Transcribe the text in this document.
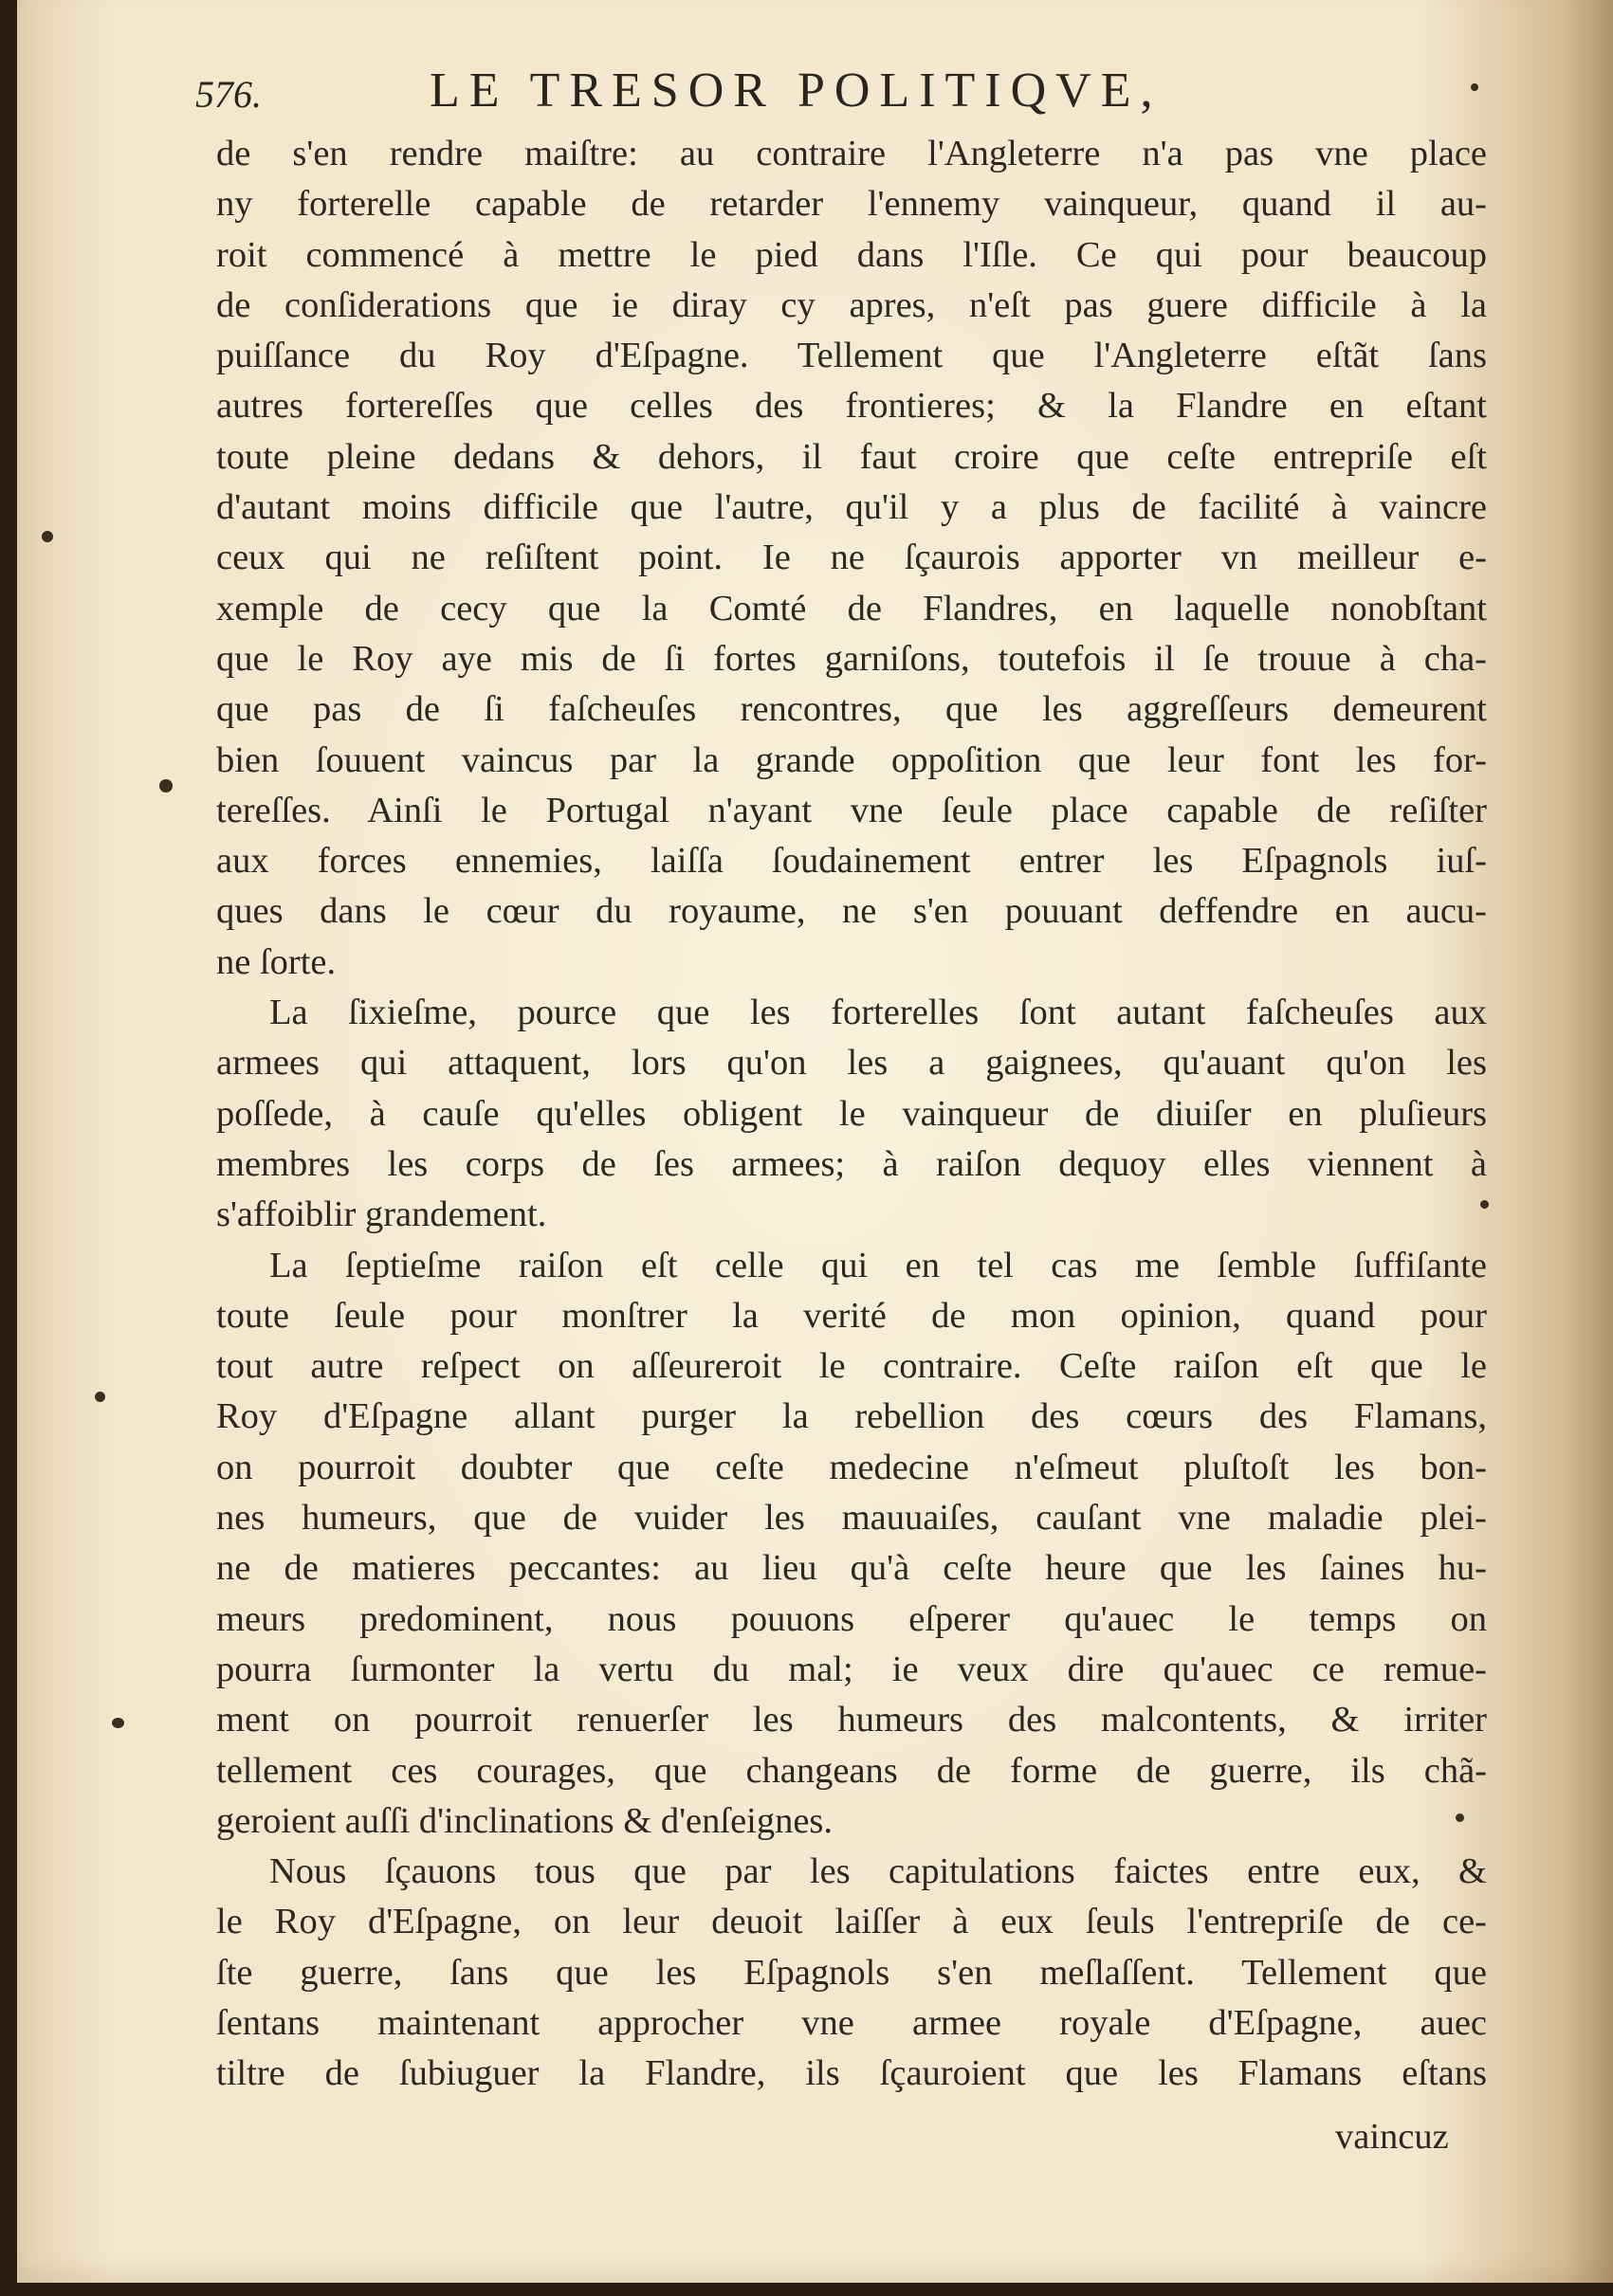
576.	LE TRESOR POLITIQVE,
de s'en rendre maiſtre: au contraire l'Angleterre n'a pas vne place
ny forterelle capable de retarder l'ennemy vainqueur, quand il au-
roit commencé à mettre le pied dans l'Iſle. Ce qui pour beaucoup
de conſiderations que ie diray cy apres, n'eſt pas guere difficile à la
puiſſance du Roy d'Eſpagne. Tellement que l'Angleterre eſtãt ſans
autres fortereſſes que celles des frontieres; & la Flandre en eſtant
toute pleine dedans & dehors, il faut croire que ceſte entrepriſe eſt
d'autant moins difficile que l'autre, qu'il y a plus de facilité à vaincre
ceux qui ne reſiſtent point. Ie ne ſçaurois apporter vn meilleur e-
xemple de cecy que la Comté de Flandres, en laquelle nonobſtant
que le Roy aye mis de ſi fortes garniſons, toutefois il ſe trouue à cha-
que pas de ſi faſcheuſes rencontres, que les aggreſſeurs demeurent
bien ſouuent vaincus par la grande oppoſition que leur font les for-
tereſſes. Ainſi le Portugal n'ayant vne ſeule place capable de reſiſter
aux forces ennemies, laiſſa ſoudainement entrer les Eſpagnols iuſ-
ques dans le cœur du royaume, ne s'en pouuant deffendre en aucu-
ne ſorte.
La ſixieſme, pource que les forterelles ſont autant faſcheuſes aux
armees qui attaquent, lors qu'on les a gaignees, qu'auant qu'on les
poſſede, à cauſe qu'elles obligent le vainqueur de diuiſer en pluſieurs
membres les corps de ſes armees; à raiſon dequoy elles viennent à
s'affoiblir grandement.
La ſeptieſme raiſon eſt celle qui en tel cas me ſemble ſuffiſante
toute ſeule pour monſtrer la verité de mon opinion, quand pour
tout autre reſpect on aſſeureroit le contraire. Ceſte raiſon eſt que le
Roy d'Eſpagne allant purger la rebellion des cœurs des Flamans,
on pourroit doubter que ceſte medecine n'eſmeut pluſtoſt les bon-
nes humeurs, que de vuider les mauuaiſes, cauſant vne maladie plei-
ne de matieres peccantes: au lieu qu'à ceſte heure que les ſaines hu-
meurs predominent, nous pouuons eſperer qu'auec le temps on
pourra ſurmonter la vertu du mal; ie veux dire qu'auec ce remue-
ment on pourroit renuerſer les humeurs des malcontents, & irriter
tellement ces courages, que changeans de forme de guerre, ils chã-
geroient auſſi d'inclinations & d'enſeignes.
Nous ſçauons tous que par les capitulations faictes entre eux, &
le Roy d'Eſpagne, on leur deuoit laiſſer à eux ſeuls l'entrepriſe de ce-
ſte guerre, ſans que les Eſpagnols s'en meſlaſſent. Tellement que
ſentans maintenant approcher vne armee royale d'Eſpagne, auec
tiltre de ſubiuguer la Flandre, ils ſçauroient que les Flamans eſtans
vaincuz
